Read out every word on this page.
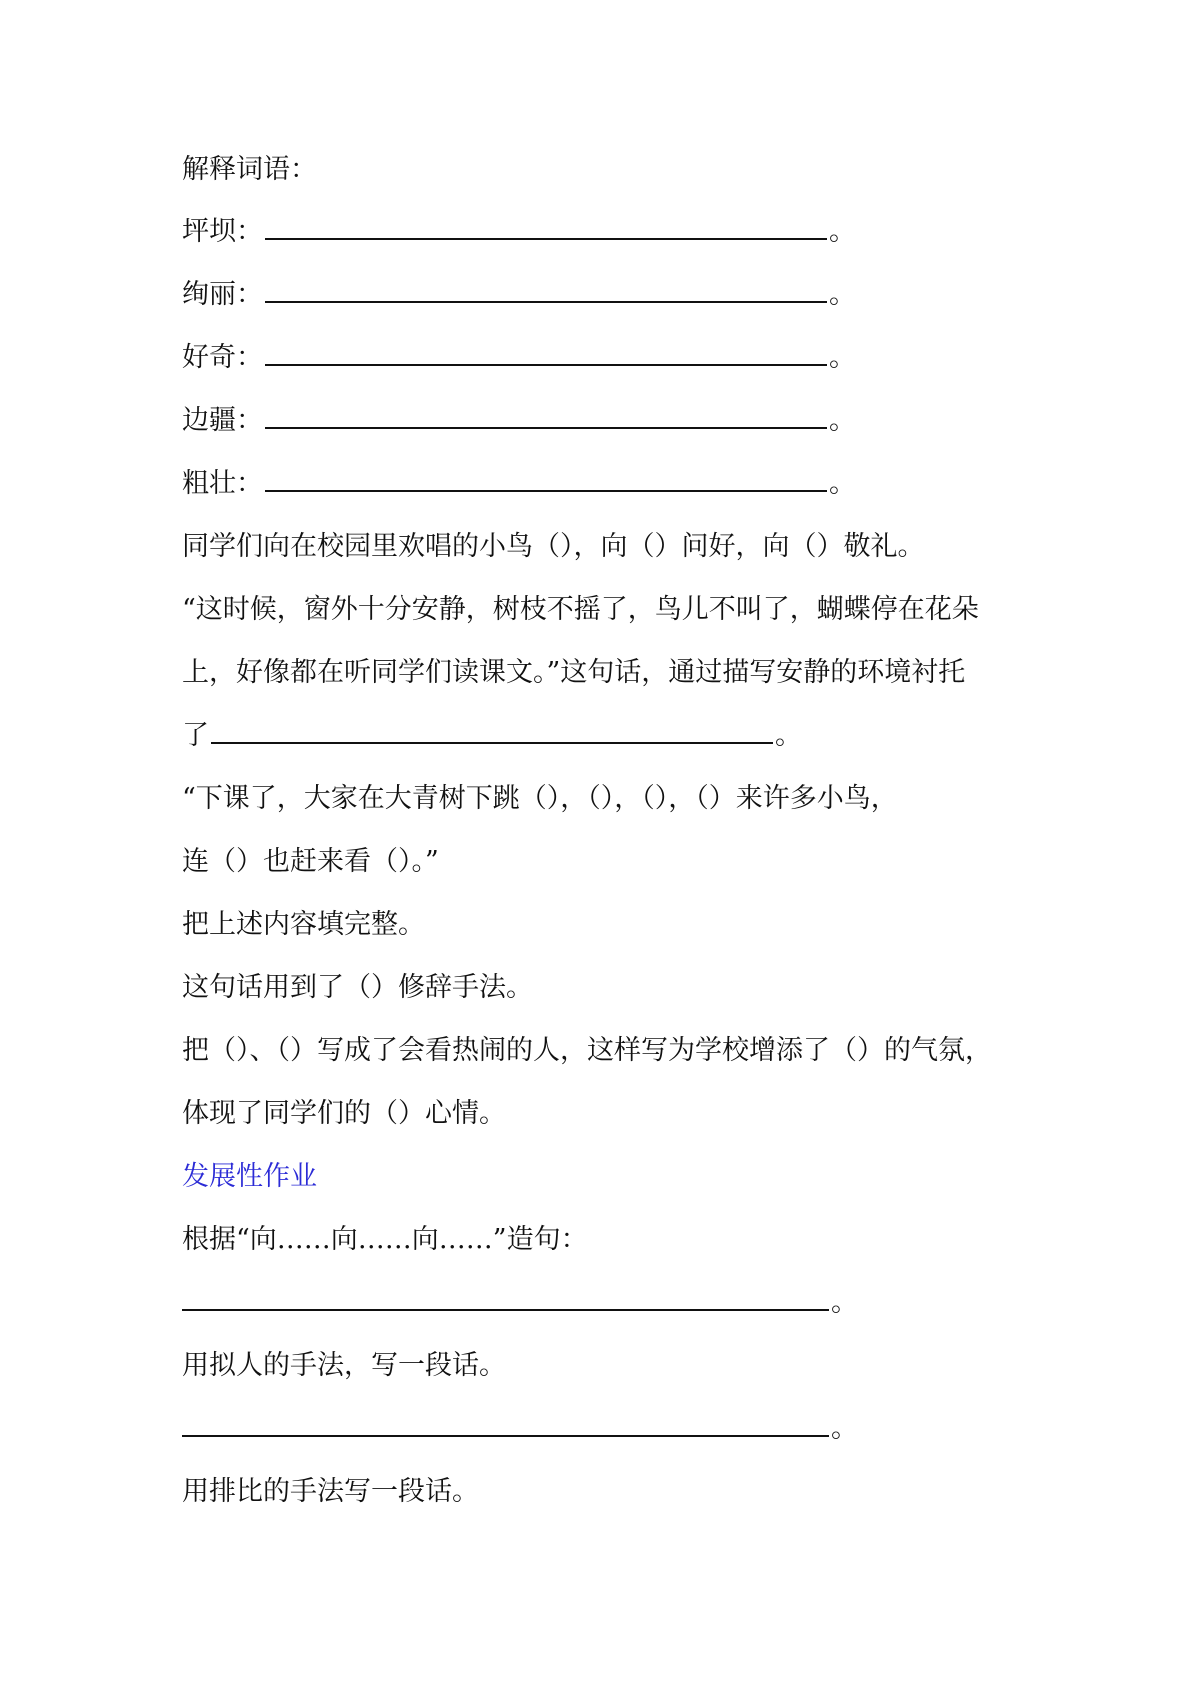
解释词语：
坪坝：	。
绚丽：	。
好奇：	。
边疆：	。
粗壮：	。
同学们向在校园里欢唱的小鸟（），向（）问好，向（）敬礼。
“这时候，窗外十分安静，树枝不摇了，鸟儿不叫了，蝴蝶停在花朵
上，好像都在听同学们读课文。”这句话，通过描写安静的环境衬托
了	。
“下课了，大家在大青树下跳（），（），（），（）来许多小鸟，
连（）也赶来看（）。”
把上述内容填完整。
这句话用到了（）修辞手法。
把（）、（）写成了会看热闹的人，这样写为学校增添了（）的气氛，
体现了同学们的（）心情。
发展性作业
根据“向……向……向……”造句：
。
用拟人的手法，写一段话。
。
用排比的手法写一段话。
